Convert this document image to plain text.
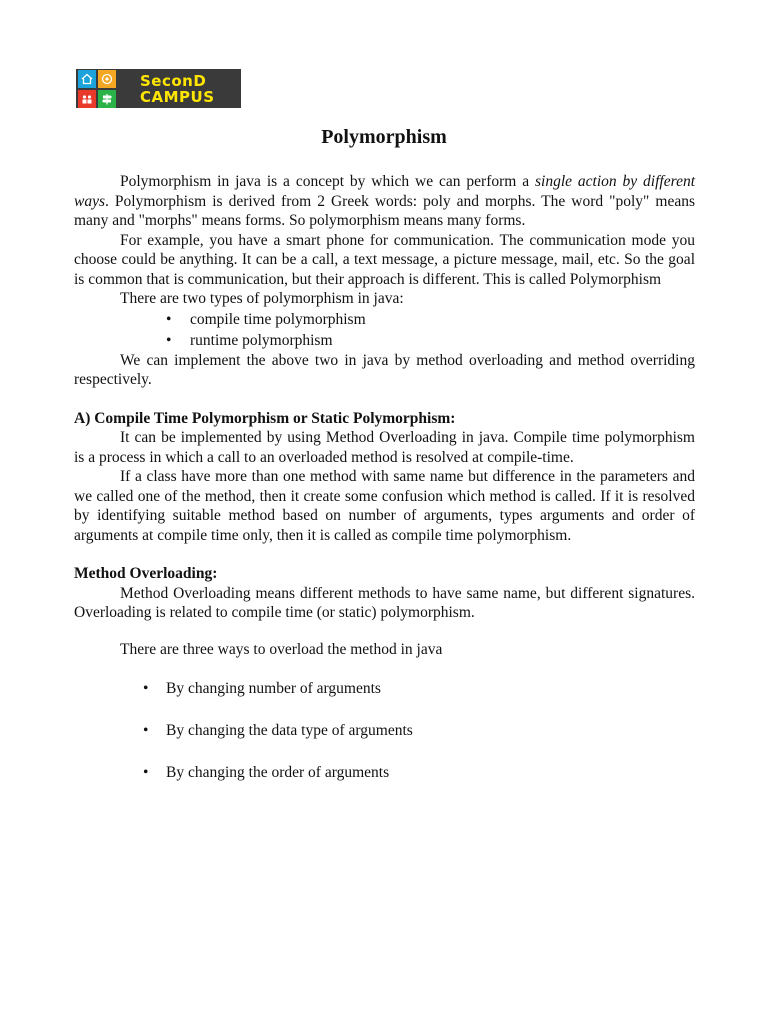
SeconD
CAMPUS
Polymorphism

Polymorphism in java is a concept by which we can perform a single action by different ways. Polymorphism is derived from 2 Greek words: poly and morphs. The word "poly" means many and "morphs" means forms. So polymorphism means many forms.

For example, you have a smart phone for communication. The communication mode you choose could be anything. It can be a call, a text message, a picture message, mail, etc. So the goal is common that is communication, but their approach is different. This is called Polymorphism

There are two types of polymorphism in java:

• compile time polymorphism
• runtime polymorphism

We can implement the above two in java by method overloading and method overriding respectively.

A) Compile Time Polymorphism or Static Polymorphism:

It can be implemented by using Method Overloading in java. Compile time polymorphism is a process in which a call to an overloaded method is resolved at compile-time.

If a class have more than one method with same name but difference in the parameters and we called one of the method, then it create some confusion which method is called. If it is resolved by identifying suitable method based on number of arguments, types arguments and order of arguments at compile time only, then it is called as compile time polymorphism.

Method Overloading:

Method Overloading means different methods to have same name, but different signatures. Overloading is related to compile time (or static) polymorphism.

There are three ways to overload the method in java

• By changing number of arguments
• By changing the data type of arguments
• By changing the order of arguments
